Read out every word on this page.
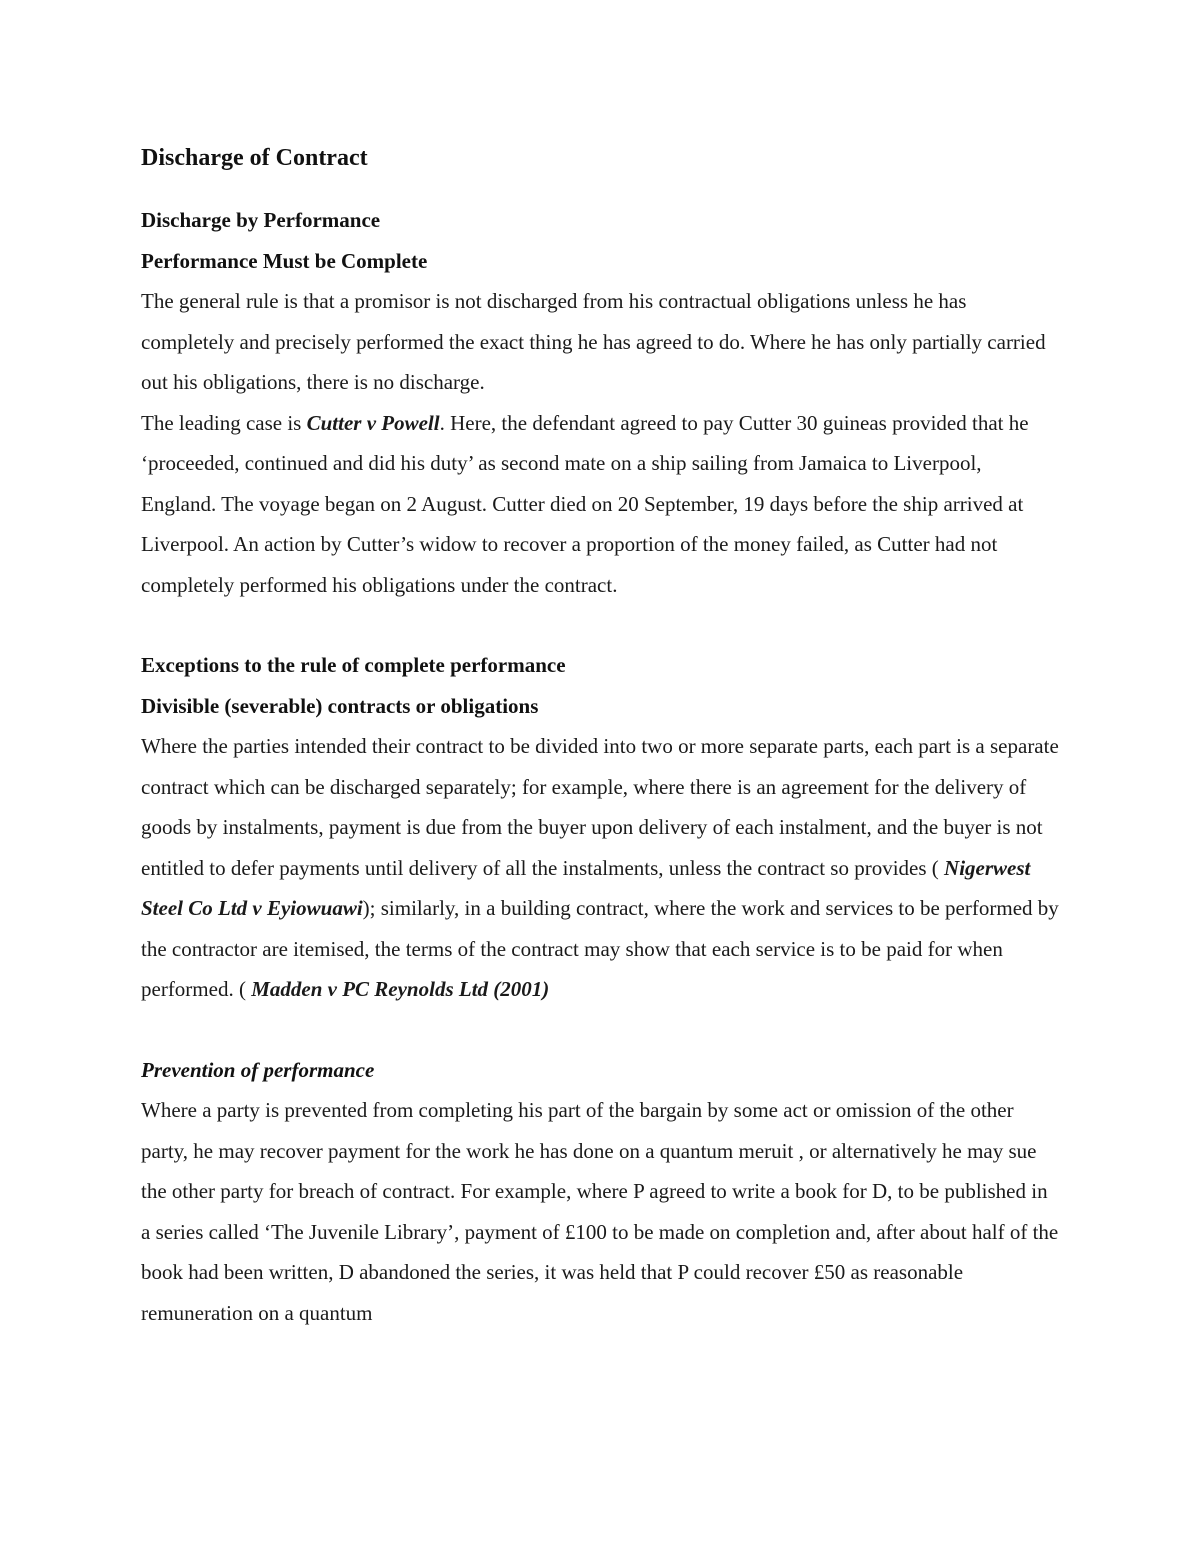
Discharge of Contract
Discharge by Performance
Performance Must be Complete

The general rule is that a promisor is not discharged from his contractual obligations unless he has completely and precisely performed the exact thing he has agreed to do. Where he has only partially carried out his obligations, there is no discharge.

The leading case is Cutter v Powell. Here, the defendant agreed to pay Cutter 30 guineas provided that he ‘proceeded, continued and did his duty’ as second mate on a ship sailing from Jamaica to Liverpool, England. The voyage began on 2 August. Cutter died on 20 September, 19 days before the ship arrived at Liverpool. An action by Cutter’s widow to recover a proportion of the money failed, as Cutter had not completely performed his obligations under the contract.

Exceptions to the rule of complete performance
Divisible (severable) contracts or obligations

Where the parties intended their contract to be divided into two or more separate parts, each part is a separate contract which can be discharged separately; for example, where there is an agreement for the delivery of goods by instalments, payment is due from the buyer upon delivery of each instalment, and the buyer is not entitled to defer payments until delivery of all the instalments, unless the contract so provides ( Nigerwest Steel Co Ltd v Eyiowuawi); similarly, in a building contract, where the work and services to be performed by the contractor are itemised, the terms of the contract may show that each service is to be paid for when performed. ( Madden v PC Reynolds Ltd (2001)

Prevention of performance

Where a party is prevented from completing his part of the bargain by some act or omission of the other party, he may recover payment for the work he has done on a quantum meruit , or alternatively he may sue the other party for breach of contract. For example, where P agreed to write a book for D, to be published in a series called ‘The Juvenile Library’, payment of £100 to be made on completion and, after about half of the book had been written, D abandoned the series, it was held that P could recover £50 as reasonable remuneration on a quantum
